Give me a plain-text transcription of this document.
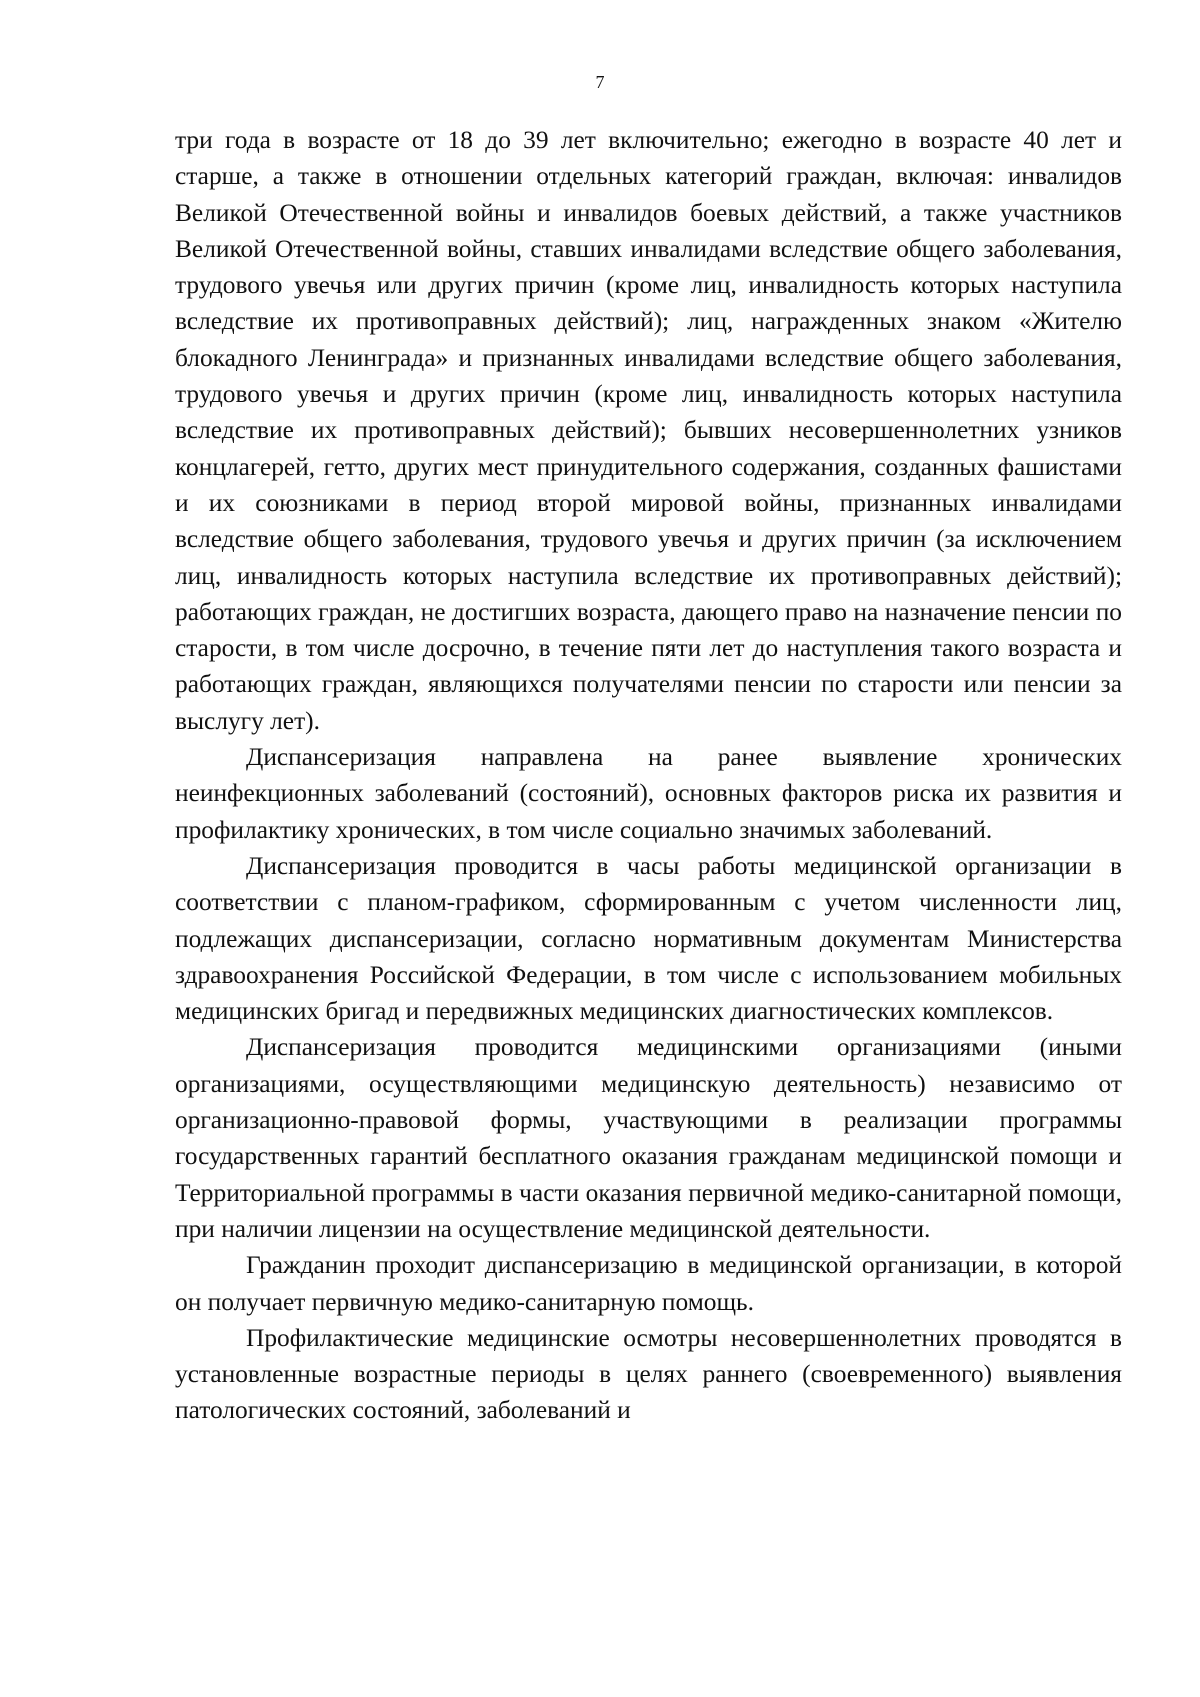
7

три года в возрасте от 18 до 39 лет включительно; ежегодно в возрасте 40 лет и старше, а также в отношении отдельных категорий граждан, включая: инвалидов Великой Отечественной войны и инвалидов боевых действий, а также участников Великой Отечественной войны, ставших инвалидами вследствие общего заболевания, трудового увечья или других причин (кроме лиц, инвалидность которых наступила вследствие их противоправных действий); лиц, награжденных знаком «Жителю блокадного Ленинграда» и признанных инвалидами вследствие общего заболевания, трудового увечья и других причин (кроме лиц, инвалидность которых наступила вследствие их противоправных действий); бывших несовершеннолетних узников концлагерей, гетто, других мест принудительного содержания, созданных фашистами и их союзниками в период второй мировой войны, признанных инвалидами вследствие общего заболевания, трудового увечья и других причин (за исключением лиц, инвалидность которых наступила вследствие их противоправных действий); работающих граждан, не достигших возраста, дающего право на назначение пенсии по старости, в том числе досрочно, в течение пяти лет до наступления такого возраста и работающих граждан, являющихся получателями пенсии по старости или пенсии за выслугу лет).

Диспансеризация направлена на ранее выявление хронических неинфекционных заболеваний (состояний), основных факторов риска их развития и профилактику хронических, в том числе социально значимых заболеваний.

Диспансеризация проводится в часы работы медицинской организации в соответствии с планом-графиком, сформированным с учетом численности лиц, подлежащих диспансеризации, согласно нормативным документам Министерства здравоохранения Российской Федерации, в том числе с использованием мобильных медицинских бригад и передвижных медицинских диагностических комплексов.

Диспансеризация проводится медицинскими организациями (иными организациями, осуществляющими медицинскую деятельность) независимо от организационно-правовой формы, участвующими в реализации программы государственных гарантий бесплатного оказания гражданам медицинской помощи и Территориальной программы в части оказания первичной медико-санитарной помощи, при наличии лицензии на осуществление медицинской деятельности.

Гражданин проходит диспансеризацию в медицинской организации, в которой он получает первичную медико-санитарную помощь.

Профилактические медицинские осмотры несовершеннолетних проводятся в установленные возрастные периоды в целях раннего (своевременного) выявления патологических состояний, заболеваний и
